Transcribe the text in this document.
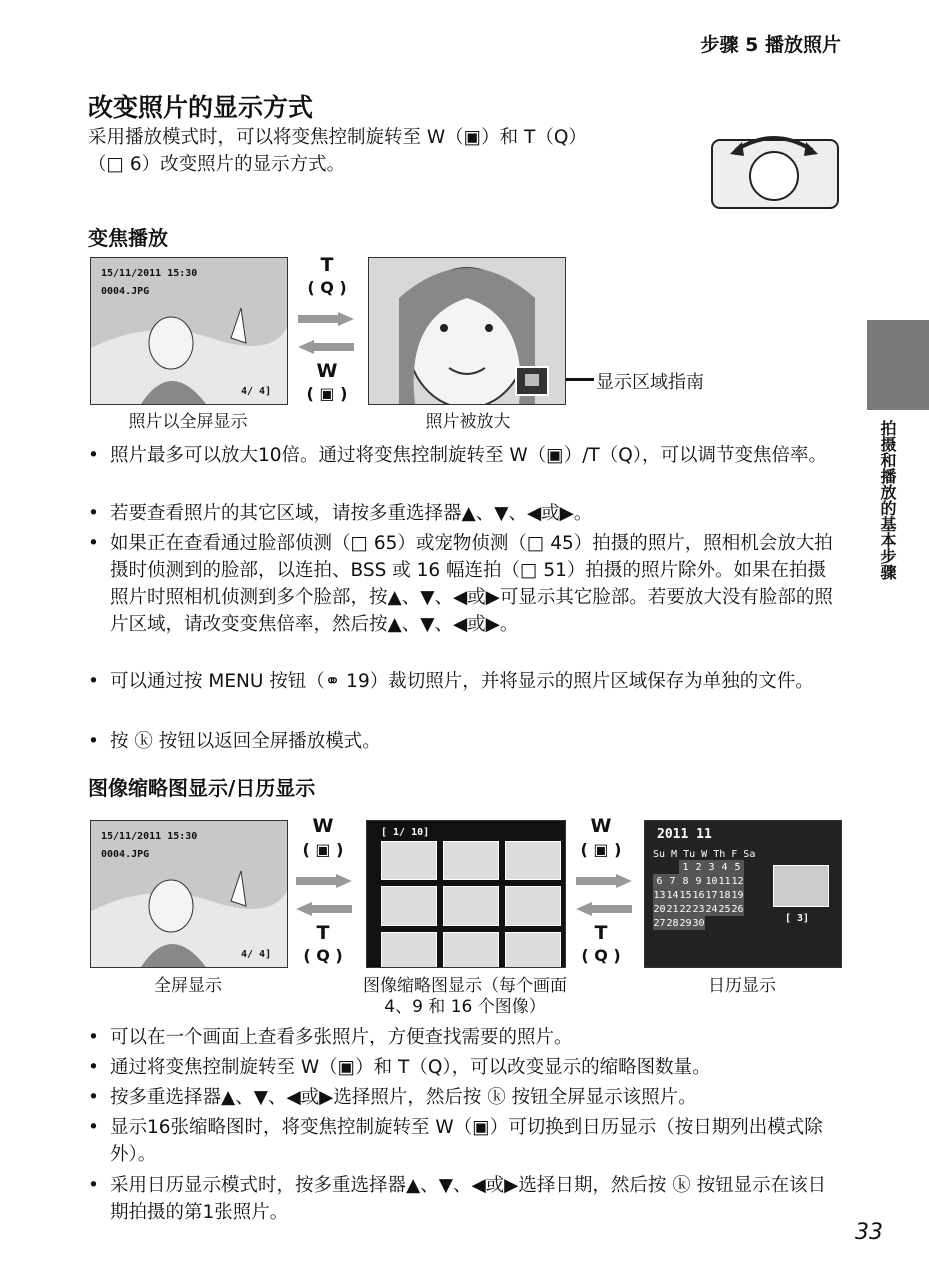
步骤 5 播放照片
改变照片的显示方式
采用播放模式时，可以将变焦控制旋转至 W（▣）和 T（Q）
（□ 6）改变照片的显示方式。
变焦播放
15/11/2011 15:30
0004.JPG
4/ 4]
T
( Q )
W
( ▣ )
显示区域指南
照片以全屏显示	照片被放大
• 照片最多可以放大10倍。通过将变焦控制旋转至 W（▣）/T（Q），可以调节变焦倍率。
• 若要查看照片的其它区域，请按多重选择器▲、▼、◀或▶。
• 如果正在查看通过脸部侦测（□ 65）或宠物侦测（□ 45）拍摄的照片，照相机会放大拍摄时侦测到的脸部，以连拍、BSS 或 16 幅连拍（□ 51）拍摄的照片除外。如果在拍摄照片时照相机侦测到多个脸部，按▲、▼、◀或▶可显示其它脸部。若要放大没有脸部的照片区域，请改变变焦倍率，然后按▲、▼、◀或▶。
• 可以通过按 MENU 按钮（⚭ 19）裁切照片，并将显示的照片区域保存为单独的文件。
• 按 ⓚ 按钮以返回全屏播放模式。
图像缩略图显示/日历显示
15/11/2011 15:30
0004.JPG
4/ 4]
W
( ▣ )
T
( Q )
[ 1/ 10]	W
( ▣ )
T
( Q )
2011 11
Su M Tu W Th F Sa
		1	2	3	4	5
6	7	8	9	10	11	12
13	14	15	16	17	18	19
20	21	22	23	24	25	26
27	28	29	30				[ 3]
全屏显示	图像缩略图显示（每个画面
4、9 和 16 个图像）
日历显示
• 可以在一个画面上查看多张照片，方便查找需要的照片。
• 通过将变焦控制旋转至 W（▣）和 T（Q），可以改变显示的缩略图数量。
• 按多重选择器▲、▼、◀或▶选择照片，然后按 ⓚ 按钮全屏显示该照片。
• 显示16张缩略图时，将变焦控制旋转至 W（▣）可切换到日历显示（按日期列出模式除外）。
• 采用日历显示模式时，按多重选择器▲、▼、◀或▶选择日期，然后按 ⓚ 按钮显示在该日期拍摄的第1张照片。
拍摄和播放的基本步骤
33
